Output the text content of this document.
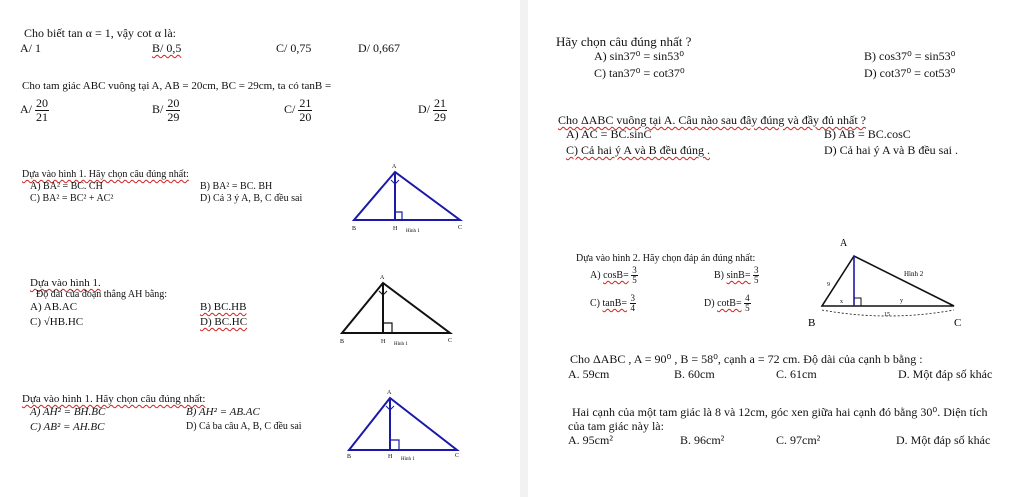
Cho biết tan α = 1, vậy cot α là:
A/ 1	B/ 0,5	C/ 0,75	D/ 0,667
Cho tam giác ABC vuông tại A, AB = 20cm, BC = 29cm, ta có tanB =
$A/ \frac{20}{21}$	$B/ \frac{20}{29}$	$C/ \frac{21}{20}$	$D/ \frac{21}{29}$
Dựa vào hình 1. Hãy chọn câu đúng nhất:
A) BA² = BC. CH	B) BA² = BC. BH
C) BA² = BC² + AC²	D) Cả 3 ý A, B, C đều sai
A
B	H	C
Hình 1
Dựa vào hình 1.
Độ dài của đoạn thẳng AH bằng:
A) AB.AC	B) BC.HB
C) √HB.HC	D) BC.HC
A
B	H	C
Hình 1
Dựa vào hình 1. Hãy chọn câu đúng nhất:
A) AH² = BH.BC	B) AH² = AB.AC
C) AB² = AH.BC	D) Cả ba câu A, B, C đều sai
A
B	H	C
Hình 1
Hãy chọn câu đúng nhất ?
A) sin37⁰ = sin53⁰	B) cos37⁰ = sin53⁰
C) tan37⁰ = cot37⁰	D) cot37⁰ = cot53⁰
Cho ΔABC vuông tại A. Câu nào sau đây đúng và đầy đủ nhất ?
A) AC = BC.sinC	B) AB = BC.cosC
C) Cả hai ý A và B đều đúng .	D) Cả hai ý A và B đều sai .
Dựa vào hình 2. Hãy chọn đáp án đúng nhất:
A) $\cos B= \frac{3}{5}$	B) $\sin B= \frac{3}{5}$
C) $\tan B= \frac{3}{4}$	D) $\cot B= \frac{4}{5}$
A
B	C
Hình 2
9
x	y
15
Cho ΔABC , A = 90⁰ , B = 58⁰, cạnh a = 72 cm. Độ dài của cạnh b bằng :
A. 59cm	B. 60cm	C. 61cm	D. Một đáp số khác
Hai cạnh của một tam giác là 8 và 12cm, góc xen giữa hai cạnh đó bằng 30⁰. Diện tích
của tam giác này là:
A. 95cm²	B. 96cm²	C. 97cm²	D. Một đáp số khác
